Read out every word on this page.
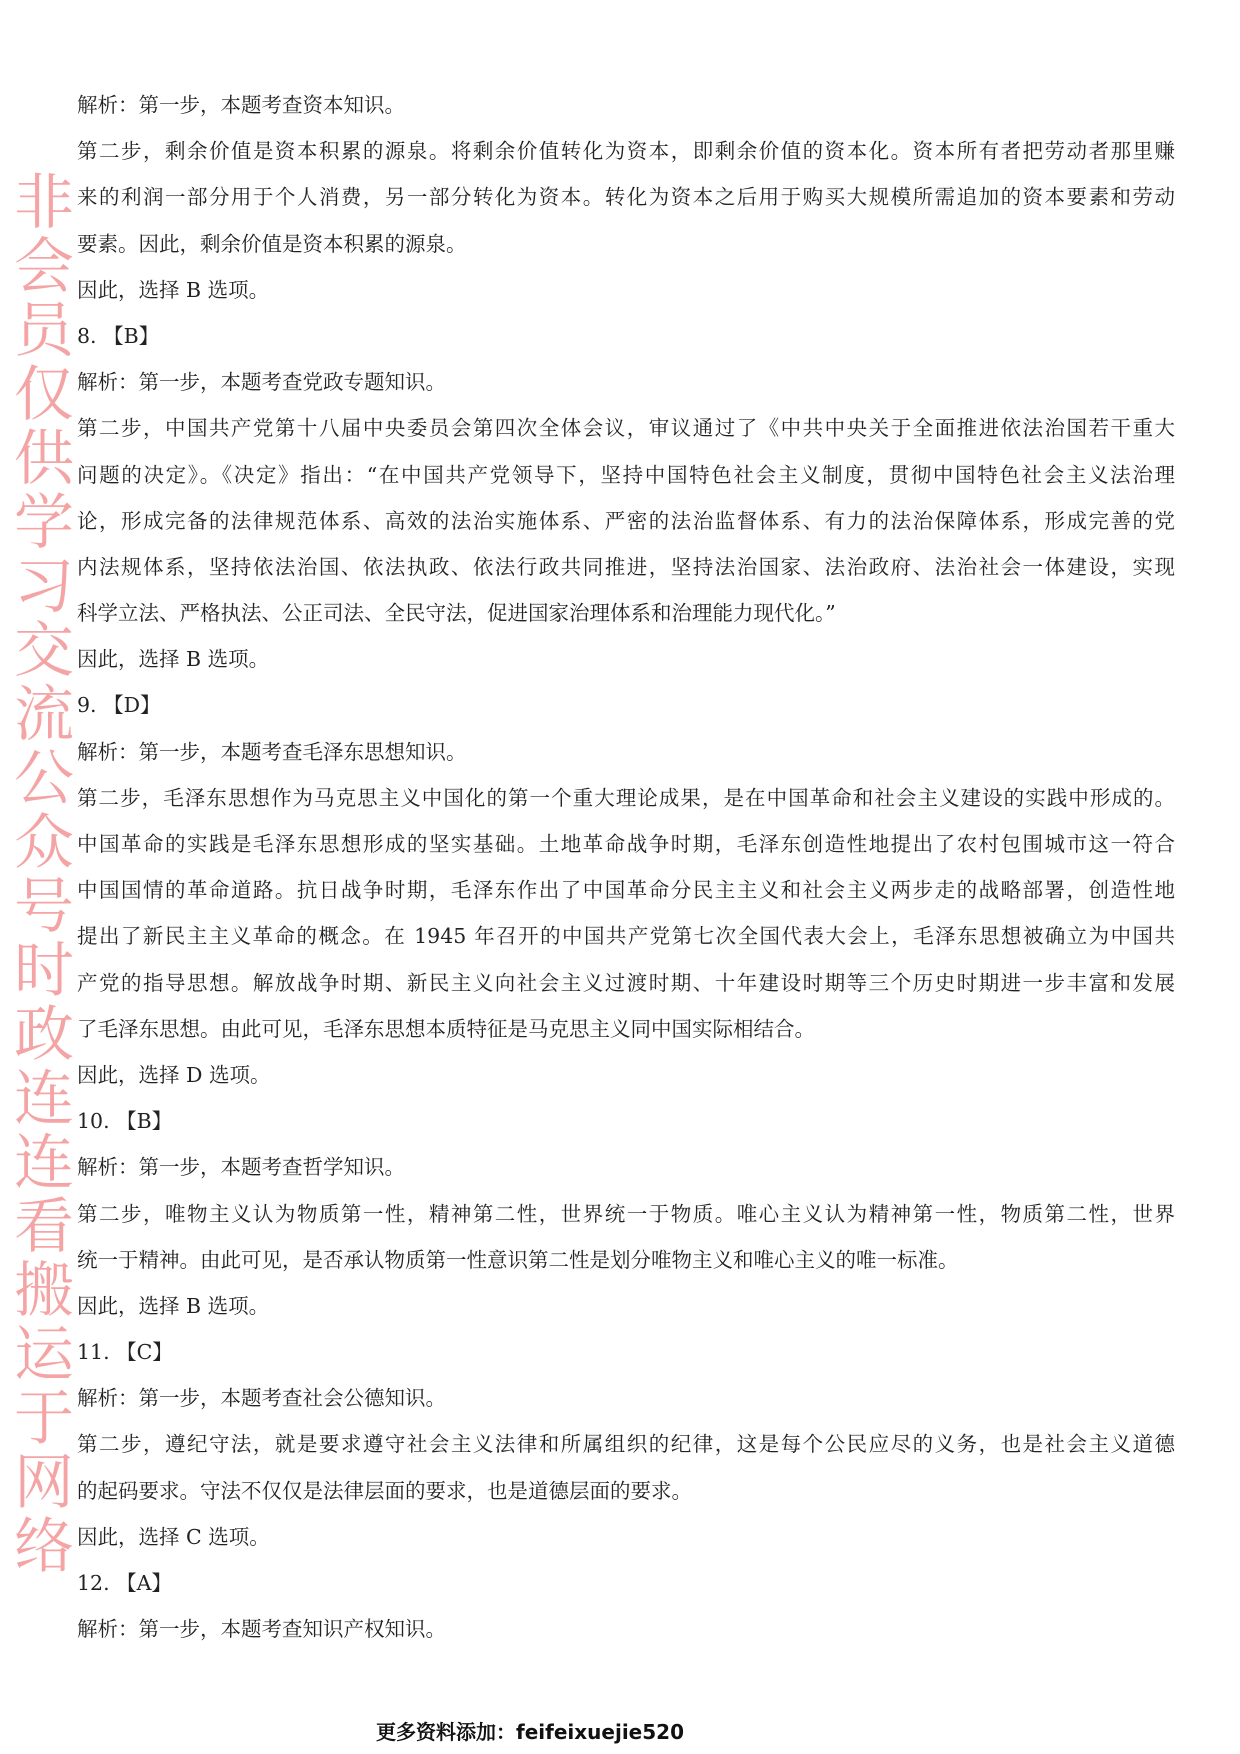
解析：第一步，本题考查资本知识。
第二步，剩余价值是资本积累的源泉。将剩余价值转化为资本，即剩余价值的资本化。资本所有者把劳动者那里赚
来的利润一部分用于个人消费，另一部分转化为资本。转化为资本之后用于购买大规模所需追加的资本要素和劳动
要素。因此，剩余价值是资本积累的源泉。
因此，选择 B 选项。
8. 【B】
解析：第一步，本题考查党政专题知识。
第二步，中国共产党第十八届中央委员会第四次全体会议，审议通过了《中共中央关于全面推进依法治国若干重大
问题的决定》。《决定》指出：“在中国共产党领导下，坚持中国特色社会主义制度，贯彻中国特色社会主义法治理
论，形成完备的法律规范体系、高效的法治实施体系、严密的法治监督体系、有力的法治保障体系，形成完善的党
内法规体系，坚持依法治国、依法执政、依法行政共同推进，坚持法治国家、法治政府、法治社会一体建设，实现
科学立法、严格执法、公正司法、全民守法，促进国家治理体系和治理能力现代化。”
因此，选择 B 选项。
9. 【D】
解析：第一步，本题考查毛泽东思想知识。
第二步，毛泽东思想作为马克思主义中国化的第一个重大理论成果，是在中国革命和社会主义建设的实践中形成的。
中国革命的实践是毛泽东思想形成的坚实基础。土地革命战争时期，毛泽东创造性地提出了农村包围城市这一符合
中国国情的革命道路。抗日战争时期，毛泽东作出了中国革命分民主主义和社会主义两步走的战略部署，创造性地
提出了新民主主义革命的概念。在 1945 年召开的中国共产党第七次全国代表大会上，毛泽东思想被确立为中国共
产党的指导思想。解放战争时期、新民主义向社会主义过渡时期、十年建设时期等三个历史时期进一步丰富和发展
了毛泽东思想。由此可见，毛泽东思想本质特征是马克思主义同中国实际相结合。
因此，选择 D 选项。
10. 【B】
解析：第一步，本题考查哲学知识。
第二步，唯物主义认为物质第一性，精神第二性，世界统一于物质。唯心主义认为精神第一性，物质第二性，世界
统一于精神。由此可见，是否承认物质第一性意识第二性是划分唯物主义和唯心主义的唯一标准。
因此，选择 B 选项。
11. 【C】
解析：第一步，本题考查社会公德知识。
第二步，遵纪守法，就是要求遵守社会主义法律和所属组织的纪律，这是每个公民应尽的义务，也是社会主义道德
的起码要求。守法不仅仅是法律层面的要求，也是道德层面的要求。
因此，选择 C 选项。
12. 【A】
解析：第一步，本题考查知识产权知识。
非会员仅供学习交流公众号时政连连看搬运于网络
更多资料添加：feifeixuejie520
